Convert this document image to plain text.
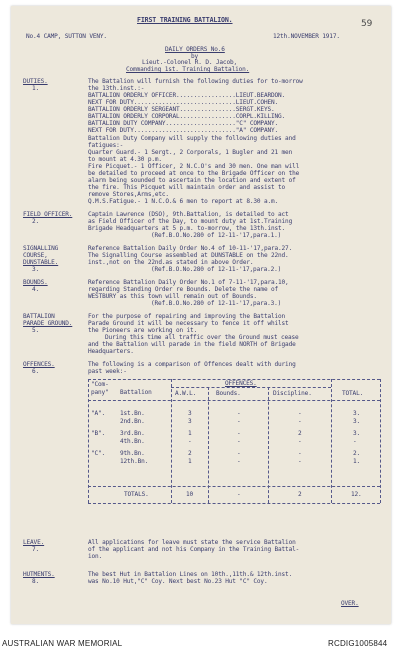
FIRST TRAINING BATTALION.	59
No.4 CAMP, SUTTON VENY.	12th.NOVEMBER 1917.
DAILY ORDERS No.6
by
Lieut.-Colonel R. D. Jacob,
Commanding 1st. Training Battalion.
DUTIES.
1.
The Battalion will furnish the following duties for to-morrow
the 13th.inst.:-
BATTALION ORDERLY OFFICER.................LIEUT.BEARDON.
NEXT FOR DUTY.............................LIEUT.COHEN.
BATTALION ORDERLY SERGEANT................SERGT.KEYS.
BATTALION ORDERLY CORPORAL................CORPL.KILLING.
BATTALION DUTY COMPANY...................."C" COMPANY.
NEXT FOR DUTY............................."A" COMPANY.
Battalion Duty Company will supply the following duties and
fatigues:-
Quarter Guard.- 1 Sergt., 2 Corporals, 1 Bugler and 21 men
to mount at 4.30 p.m.
Fire Picquet.- 1 Officer, 2 N.C.O's and 30 men. One man will
be detailed to proceed at once to the Brigade Officer on the
alarm being sounded to ascertain the location and extent of
the fire. This Picquet will maintain order and assist to
remove Stores,Arms,etc.
Q.M.S.Fatigue.- 1 N.C.O.& 6 men to report at 8.30 a.m.
FIELD OFFICER.
2.
Captain Lawrence (DSO), 9th.Battalion, is detailed to act
as Field Officer of the Day, to mount duty at 1st.Training
Brigade Headquarters at 5 p.m. to-morrow, the 13th.inst.
(Ref.B.O.No.280 of 12-11-'17,para.1.)
SIGNALLING
COURSE,
DUNSTABLE.
3.
Reference Battalion Daily Order No.4 of 10-11-'17,para.27.
The Signalling Course assembled at DUNSTABLE on the 22nd.
inst.,not on the 22nd.as stated in above Order.
(Ref.B.O.No.280 of 12-11-'17,para.2.)
BOUNDS.
4.
Reference Battalion Daily Order No.1 of 7-11-'17,para.10,
regarding Standing Order re Bounds. Delete the name of
WESTBURY as this town will remain out of Bounds.
(Ref.B.O.No.280 of 12-11-'17,para.3.)
BATTALION
PARADE GROUND.
5.
For the purpose of repairing and improving the Battalion
Parade Ground it will be necessary to fence it off whilst
the Pioneers are working on it.
During this time all traffic over the Ground must cease
and the Battalion will parade in the field NORTH of Brigade
Headquarters.
OFFENCES.
6.
The following is a comparison of Offences dealt with during
past week:-
"Com-
pany" Battalion
OFFENCES.
A.W.L.	Bounds.	Discipline.	TOTAL.
"A". 1st.Bn.	3	-	-	3.
2nd.Bn.	3	-	-	3.
"B". 3rd.Bn.	1	-	2	3.
4th.Bn.	-	-	-	-
"C". 9th.Bn.	2	-	-	2.
12th.Bn.	1	-	-	1.
TOTALS.	10	-	2	12.
LEAVE.
7.
All applications for leave must state the service Battalion
of the applicant and not his Company in the Training Battal-
ion.
HUTMENTS.
8.
The best Hut in Battalion Lines on 10th.,11th.& 12th.inst.
was No.10 Hut,"C" Coy. Next best No.23 Hut "C" Coy.
OVER.
AUSTRALIAN WAR MEMORIAL	RCDIG1005844
